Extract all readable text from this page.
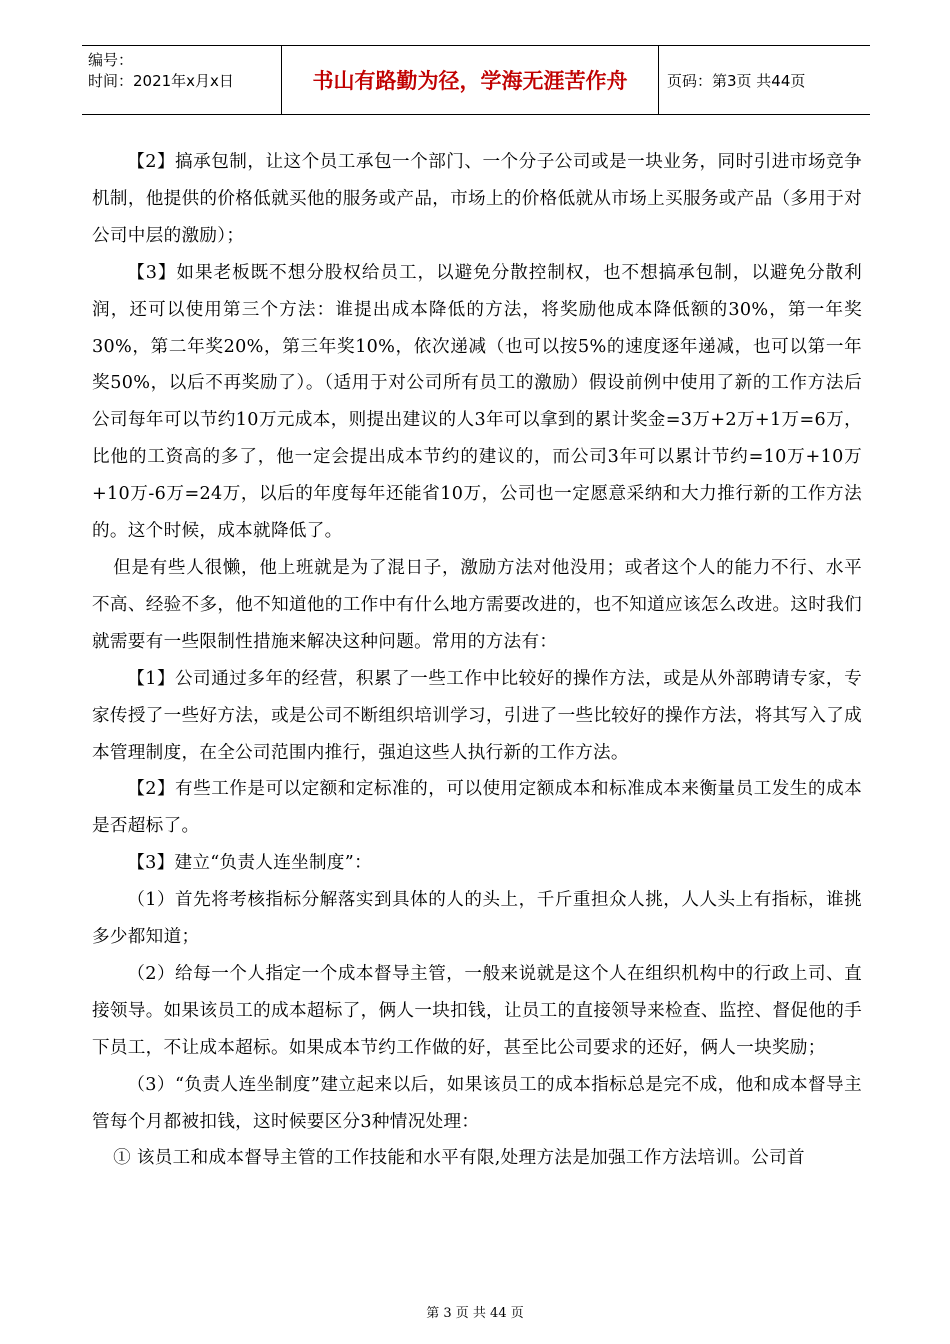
编号：
时间：2021年x月x日	书山有路勤为径，学海无涯苦作舟	页码：第3页 共44页

【2】搞承包制，让这个员工承包一个部门、一个分子公司或是一块业务，同时引进市场竞争机制，他提供的价格低就买他的服务或产品，市场上的价格低就从市场上买服务或产品（多用于对公司中层的激励）；

【3】如果老板既不想分股权给员工，以避免分散控制权，也不想搞承包制，以避免分散利润，还可以使用第三个方法：谁提出成本降低的方法，将奖励他成本降低额的30%，第一年奖30%，第二年奖20%，第三年奖10%，依次递减（也可以按5%的速度逐年递减，也可以第一年奖50%，以后不再奖励了）。（适用于对公司所有员工的激励）假设前例中使用了新的工作方法后公司每年可以节约10万元成本，则提出建议的人3年可以拿到的累计奖金=3万+2万+1万=6万，比他的工资高的多了，他一定会提出成本节约的建议的，而公司3年可以累计节约=10万+10万+10万-6万=24万，以后的年度每年还能省10万，公司也一定愿意采纳和大力推行新的工作方法的。这个时候，成本就降低了。

但是有些人很懒，他上班就是为了混日子，激励方法对他没用；或者这个人的能力不行、水平不高、经验不多，他不知道他的工作中有什么地方需要改进的，也不知道应该怎么改进。这时我们就需要有一些限制性措施来解决这种问题。常用的方法有：

【1】公司通过多年的经营，积累了一些工作中比较好的操作方法，或是从外部聘请专家，专家传授了一些好方法，或是公司不断组织培训学习，引进了一些比较好的操作方法，将其写入了成本管理制度，在全公司范围内推行，强迫这些人执行新的工作方法。

【2】有些工作是可以定额和定标准的，可以使用定额成本和标准成本来衡量员工发生的成本是否超标了。

【3】建立“负责人连坐制度”：

（1）首先将考核指标分解落实到具体的人的头上，千斤重担众人挑，人人头上有指标，谁挑多少都知道；

（2）给每一个人指定一个成本督导主管，一般来说就是这个人在组织机构中的行政上司、直接领导。如果该员工的成本超标了，俩人一块扣钱，让员工的直接领导来检查、监控、督促他的手下员工，不让成本超标。如果成本节约工作做的好，甚至比公司要求的还好，俩人一块奖励；

（3）“负责人连坐制度”建立起来以后，如果该员工的成本指标总是完不成，他和成本督导主管每个月都被扣钱，这时候要区分3种情况处理：

① 该员工和成本督导主管的工作技能和水平有限,处理方法是加强工作方法培训。公司首

第 3 页 共 44 页
